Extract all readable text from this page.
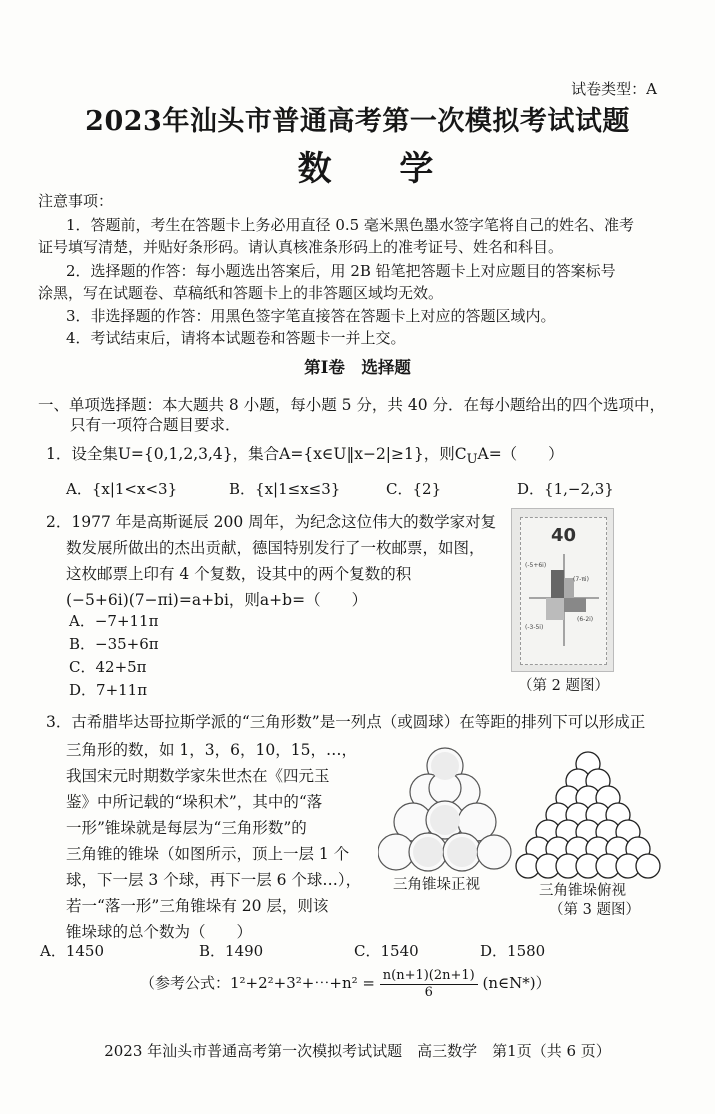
试卷类型：A
2023年汕头市普通高考第一次模拟考试试题
数 学
注意事项：
1．答题前，考生在答题卡上务必用直径 0.5 毫米黑色墨水签字笔将自己的姓名、准考
证号填写清楚，并贴好条形码。请认真核准条形码上的准考证号、姓名和科目。
2．选择题的作答：每小题选出答案后，用 2B 铅笔把答题卡上对应题目的答案标号
涂黑，写在试题卷、草稿纸和答题卡上的非答题区域均无效。
3．非选择题的作答：用黑色签字笔直接答在答题卡上对应的答题区域内。
4．考试结束后，请将本试题卷和答题卡一并上交。
第Ⅰ卷　选择题
一、单项选择题：本大题共 8 小题，每小题 5 分，共 40 分．在每小题给出的四个选项中，
只有一项符合题目要求．
1．设全集U={0,1,2,3,4}，集合A={x∈U‖x−2|≥1}，则$C_UA=$（　　）
A．{x|1<x<3}	B．{x|1≤x≤3}	C．{2}	D．{1,−2,3}
2．1977 年是高斯诞辰 200 周年，为纪念这位伟大的数学家对复
数发展所做出的杰出贡献，德国特别发行了一枚邮票，如图，
这枚邮票上印有 4 个复数，设其中的两个复数的积
(−5+6i)(7−πi)=a+bi，则a+b=（　　）
A．−7+11π
B．−35+6π
C．42+5π
D．7+11π
40
(-5+6i)
(7-πi)
(-3-5i)
(6-2i)
（第 2 题图）
3．古希腊毕达哥拉斯学派的“三角形数”是一列点（或圆球）在等距的排列下可以形成正
三角形的数，如 1，3，6，10，15，…，
我国宋元时期数学家朱世杰在《四元玉
鉴》中所记载的“垛积术”，其中的“落
一形”锥垛就是每层为“三角形数”的
三角锥的锥垛（如图所示，顶上一层 1 个
球，下一层 3 个球，再下一层 6 个球…），
若一“落一形”三角锥垛有 20 层，则该
锥垛球的总个数为（　　）
三角锥垛正视	三角锥垛俯视
（第 3 题图）
A．1450	B．1490	C．1540	D．1580
（参考公式：1²+2²+3²+⋯+n² = $\frac{n(n+1)(2n+1)}{6}$ (n∈N*)）
2023 年汕头市普通高考第一次模拟考试试题　高三数学　第1页（共 6 页）
